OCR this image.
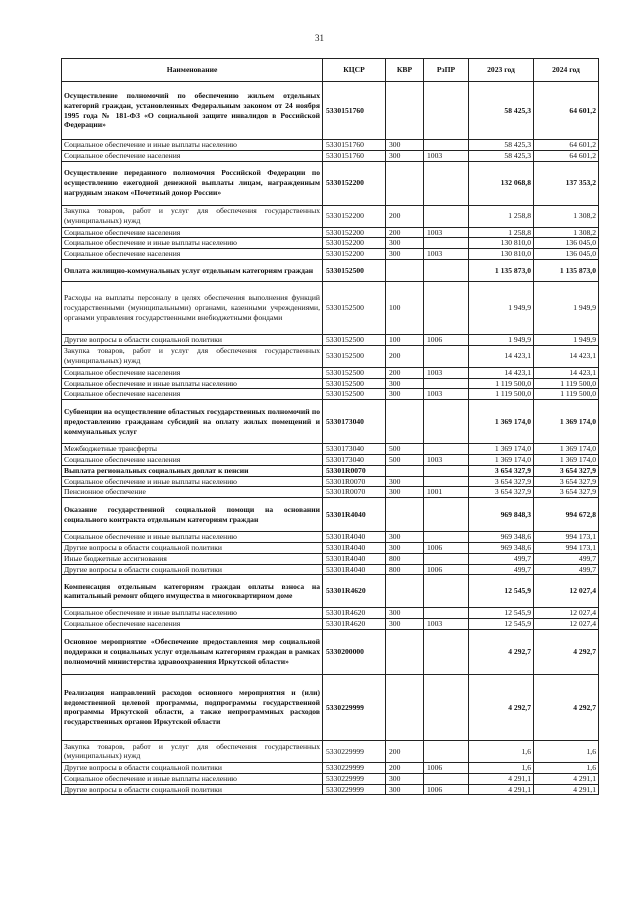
31
Наименование	КЦСР	КВР	РзПР	2023 год	2024 год
Осуществление полномочий по обеспечению жильем отдельных категорий граждан, установленных Федеральным законом от 24 ноября 1995 года № 181-ФЗ «О социальной защите инвалидов в Российской Федерации»	5330151760			58 425,3	64 601,2
Социальное обеспечение и иные выплаты населению	5330151760	300		58 425,3	64 601,2
Социальное обеспечение населения	5330151760	300	1003	58 425,3	64 601,2
Осуществление переданного полномочия Российской Федерации по осуществлению ежегодной денежной выплаты лицам, награжденным нагрудным знаком «Почетный донор России»	5330152200			132 068,8	137 353,2
Закупка товаров, работ и услуг для обеспечения государственных (муниципальных) нужд	5330152200	200		1 258,8	1 308,2
Социальное обеспечение населения	5330152200	200	1003	1 258,8	1 308,2
Социальное обеспечение и иные выплаты населению	5330152200	300		130 810,0	136 045,0
Социальное обеспечение населения	5330152200	300	1003	130 810,0	136 045,0
Оплата жилищно-коммунальных услуг отдельным категориям граждан	5330152500			1 135 873,0	1 135 873,0
Расходы на выплаты персоналу в целях обеспечения выполнения функций государственными (муниципальными) органами, казенными учреждениями, органами управления государственными внебюджетными фондами	5330152500	100		1 949,9	1 949,9
Другие вопросы в области социальной политики	5330152500	100	1006	1 949,9	1 949,9
Закупка товаров, работ и услуг для обеспечения государственных (муниципальных) нужд	5330152500	200		14 423,1	14 423,1
Социальное обеспечение населения	5330152500	200	1003	14 423,1	14 423,1
Социальное обеспечение и иные выплаты населению	5330152500	300		1 119 500,0	1 119 500,0
Социальное обеспечение населения	5330152500	300	1003	1 119 500,0	1 119 500,0
Субвенции на осуществление областных государственных полномочий по предоставлению гражданам субсидий на оплату жилых помещений и коммунальных услуг	5330173040			1 369 174,0	1 369 174,0
Межбюджетные трансферты	5330173040	500		1 369 174,0	1 369 174,0
Социальное обеспечение населения	5330173040	500	1003	1 369 174,0	1 369 174,0
Выплата региональных социальных доплат к пенсии	53301R0070			3 654 327,9	3 654 327,9
Социальное обеспечение и иные выплаты населению	53301R0070	300		3 654 327,9	3 654 327,9
Пенсионное обеспечение	53301R0070	300	1001	3 654 327,9	3 654 327,9
Оказание государственной социальной помощи на основании социального контракта отдельным категориям граждан	53301R4040			969 848,3	994 672,8
Социальное обеспечение и иные выплаты населению	53301R4040	300		969 348,6	994 173,1
Другие вопросы в области социальной политики	53301R4040	300	1006	969 348,6	994 173,1
Иные бюджетные ассигнования	53301R4040	800		499,7	499,7
Другие вопросы в области социальной политики	53301R4040	800	1006	499,7	499,7
Компенсация отдельным категориям граждан оплаты взноса на капитальный ремонт общего имущества в многоквартирном доме	53301R4620			12 545,9	12 027,4
Социальное обеспечение и иные выплаты населению	53301R4620	300		12 545,9	12 027,4
Социальное обеспечение населения	53301R4620	300	1003	12 545,9	12 027,4
Основное мероприятие «Обеспечение предоставления мер социальной поддержки и социальных услуг отдельным категориям граждан в рамках полномочий министерства здравоохранения Иркутской области»	5330200000			4 292,7	4 292,7
Реализация направлений расходов основного мероприятия и (или) ведомственной целевой программы, подпрограммы государственной программы Иркутской области, а также непрограммных расходов государственных органов Иркутской области	5330229999			4 292,7	4 292,7
Закупка товаров, работ и услуг для обеспечения государственных (муниципальных) нужд	5330229999	200		1,6	1,6
Другие вопросы в области социальной политики	5330229999	200	1006	1,6	1,6
Социальное обеспечение и иные выплаты населению	5330229999	300		4 291,1	4 291,1
Другие вопросы в области социальной политики	5330229999	300	1006	4 291,1	4 291,1
